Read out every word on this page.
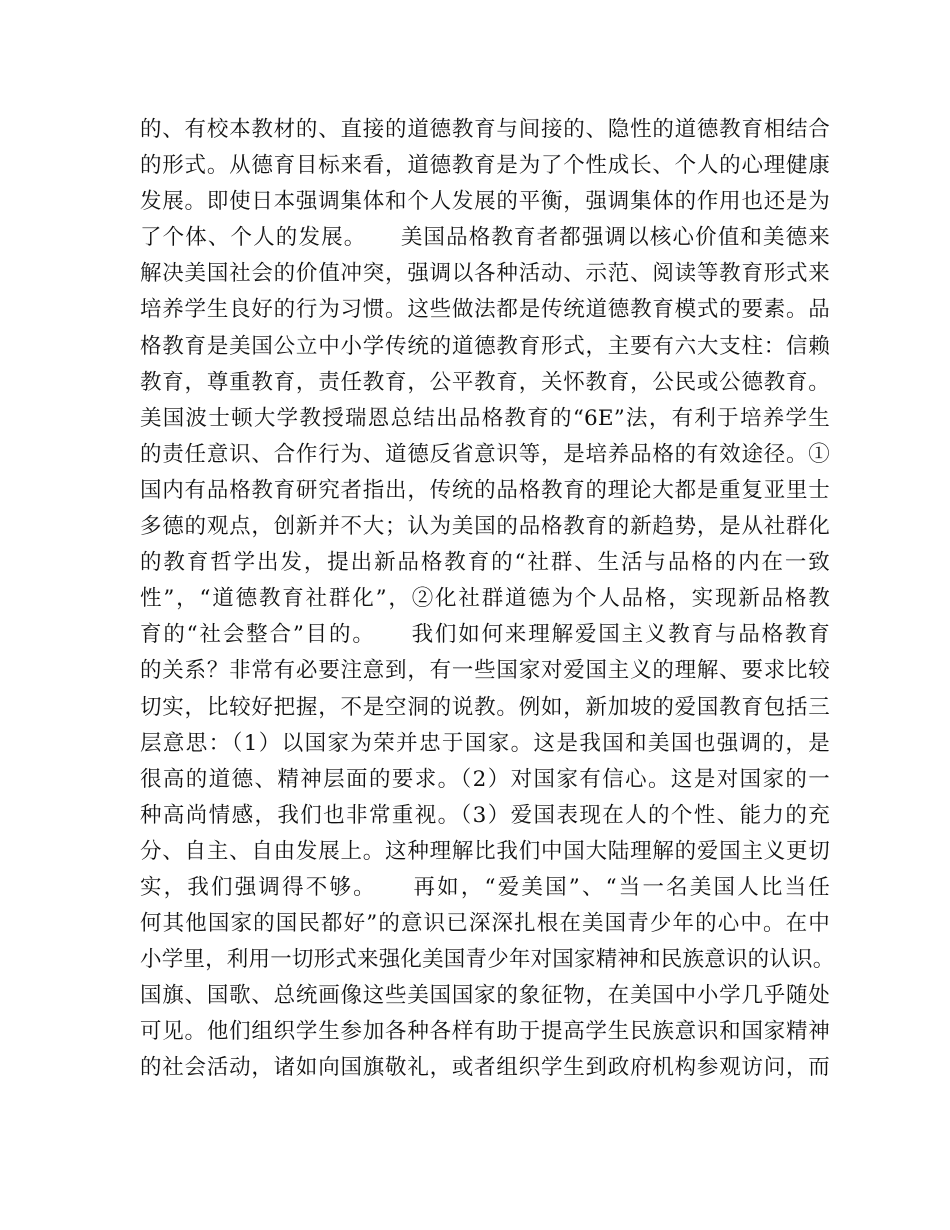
的、有校本教材的、直接的道德教育与间接的、隐性的道德教育相结合
的形式。从德育目标来看，道德教育是为了个性成长、个人的心理健康
发展。即使日本强调集体和个人发展的平衡，强调集体的作用也还是为
了个体、个人的发展。　　美国品格教育者都强调以核心价值和美德来
解决美国社会的价值冲突，强调以各种活动、示范、阅读等教育形式来
培养学生良好的行为习惯。这些做法都是传统道德教育模式的要素。品
格教育是美国公立中小学传统的道德教育形式，主要有六大支柱：信赖
教育，尊重教育，责任教育，公平教育，关怀教育，公民或公德教育。
美国波士顿大学教授瑞恩总结出品格教育的“6E”法，有利于培养学生
的责任意识、合作行为、道德反省意识等，是培养品格的有效途径。①
国内有品格教育研究者指出，传统的品格教育的理论大都是重复亚里士
多德的观点，创新并不大；认为美国的品格教育的新趋势，是从社群化
的教育哲学出发，提出新品格教育的“社群、生活与品格的内在一致
性”，“道德教育社群化”，②化社群道德为个人品格，实现新品格教
育的“社会整合”目的。　　我们如何来理解爱国主义教育与品格教育
的关系？非常有必要注意到，有一些国家对爱国主义的理解、要求比较
切实，比较好把握，不是空洞的说教。例如，新加坡的爱国教育包括三
层意思：（1）以国家为荣并忠于国家。这是我国和美国也强调的，是
很高的道德、精神层面的要求。（2）对国家有信心。这是对国家的一
种高尚情感，我们也非常重视。（3）爱国表现在人的个性、能力的充
分、自主、自由发展上。这种理解比我们中国大陆理解的爱国主义更切
实，我们强调得不够。　　再如，“爱美国”、“当一名美国人比当任
何其他国家的国民都好”的意识已深深扎根在美国青少年的心中。在中
小学里，利用一切形式来强化美国青少年对国家精神和民族意识的认识。
国旗、国歌、总统画像这些美国国家的象征物，在美国中小学几乎随处
可见。他们组织学生参加各种各样有助于提高学生民族意识和国家精神
的社会活动，诸如向国旗敬礼，或者组织学生到政府机构参观访问，而
